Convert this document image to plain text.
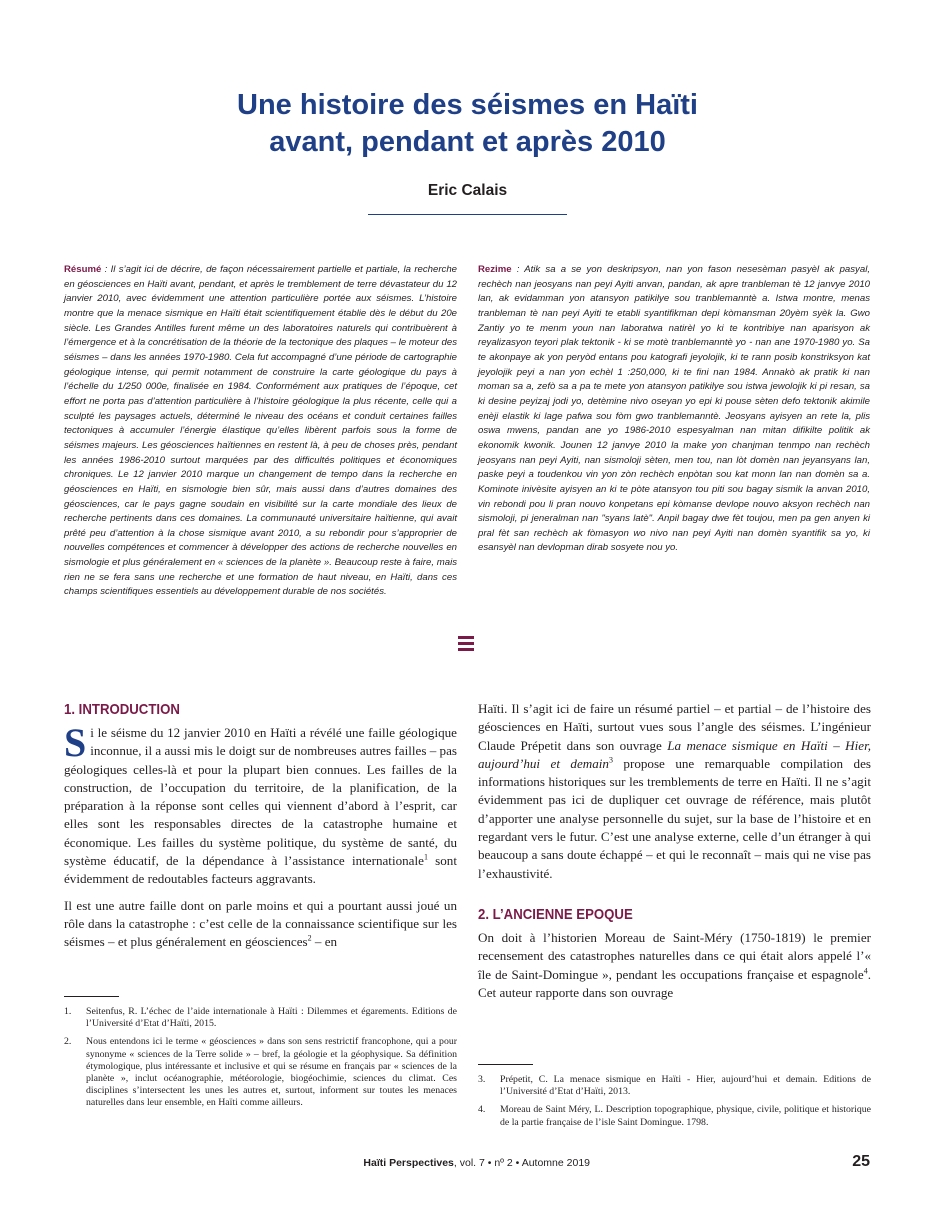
Une histoire des séismes en Haïti
avant, pendant et après 2010
Eric Calais

Résumé : Il s’agit ici de décrire, de façon nécessairement partielle et partiale, la recherche en géosciences en Haïti avant, pendant, et après le tremblement de terre dévastateur du 12 janvier 2010, avec évidemment une attention particulière portée aux séismes. L’histoire montre que la menace sismique en Haïti était scientifiquement établie dès le début du 20e siècle. Les Grandes Antilles furent même un des laboratoires naturels qui contribuèrent à l’émergence et à la concrétisation de la théorie de la tectonique des plaques – le moteur des séismes – dans les années 1970-1980. Cela fut accompagné d’une période de cartographie géologique intense, qui permit notamment de construire la carte géologique du pays à l’échelle du 1/250 000e, finalisée en 1984. Conformément aux pratiques de l’époque, cet effort ne porta pas d’attention particulière à l’histoire géologique la plus récente, celle qui a sculpté les paysages actuels, déterminé le niveau des océans et conduit certaines failles tectoniques à accumuler l’énergie élastique qu’elles libèrent parfois sous la forme de séismes majeurs. Les géosciences haïtiennes en restent là, à peu de choses près, pendant les années 1986-2010 surtout marquées par des difficultés politiques et économiques chroniques. Le 12 janvier 2010 marque un changement de tempo dans la recherche en géosciences en Haïti, en sismologie bien sûr, mais aussi dans d’autres domaines des géosciences, car le pays gagne soudain en visibilité sur la carte mondiale des lieux de recherche pertinents dans ces domaines. La communauté universitaire haïtienne, qui avait prêté peu d’attention à la chose sismique avant 2010, a su rebondir pour s’approprier de nouvelles compétences et commencer à développer des actions de recherche nouvelles en sismologie et plus généralement en « sciences de la planète ». Beaucoup reste à faire, mais rien ne se fera sans une recherche et une formation de haut niveau, en Haïti, dans ces champs scientifiques essentiels au développement durable de nos sociétés.

Rezime : Atik sa a se yon deskripsyon, nan yon fason nesesèman pasyèl ak pasyal, rechèch nan jeosyans nan peyi Ayiti anvan, pandan, ak apre tranbleman tè 12 janvye 2010 lan, ak evidamman yon atansyon patikilye sou tranblemanntè a. Istwa montre, menas tranbleman tè nan peyi Ayiti te etabli syantifikman depi kòmansman 20yèm syèk la. Gwo Zantiy yo te menm youn nan laboratwa natirèl yo ki te kontribiye nan aparisyon ak reyalizasyon teyori plak tektonik - ki se motè tranblemanntè yo - nan ane 1970-1980 yo. Sa te akonpaye ak yon peryòd entans pou katografi jeyolojik, ki te rann posib konstriksyon kat jeyolojik peyi a nan yon echèl 1 :250,000, ki te fini nan 1984. Annakò ak pratik ki nan moman sa a, zefò sa a pa te mete yon atansyon patikilye sou istwa jewolojik ki pi resan, sa ki desine peyizaj jodi yo, detèmine nivo oseyan yo epi ki pouse sèten defo tektonik akimile enèji elastik ki lage pafwa sou fòm gwo tranblemanntè. Jeosyans ayisyen an rete la, plis oswa mwens, pandan ane yo 1986-2010 espesyalman nan mitan difikilte politik ak ekonomik kwonik. Jounen 12 janvye 2010 la make yon chanjman tenmpo nan rechèch jeosyans nan peyi Ayiti, nan sismoloji sèten, men tou, nan lòt domèn nan jeyansyans lan, paske peyi a toudenkou vin yon zòn rechèch enpòtan sou kat monn lan nan domèn sa a. Kominote inivèsite ayisyen an ki te pòte atansyon tou piti sou bagay sismik la anvan 2010, vin rebondi pou li pran nouvo konpetans epi kòmanse devlope nouvo aksyon rechèch nan sismoloji, pi jeneralman nan "syans latè". Anpil bagay dwe fèt toujou, men pa gen anyen ki pral fèt san rechèch ak fòmasyon wo nivo nan peyi Ayiti nan domèn syantifik sa yo, ki esansyèl nan devlopman dirab sosyete nou yo.

1. INTRODUCTION

Si le séisme du 12 janvier 2010 en Haïti a révélé une faille géologique inconnue, il a aussi mis le doigt sur de nombreuses autres failles – pas géologiques celles-là et pour la plupart bien connues. Les failles de la construction, de l’occupation du territoire, de la planification, de la préparation à la réponse sont celles qui viennent d’abord à l’esprit, car elles sont les responsables directes de la catastrophe humaine et économique. Les failles du système politique, du système de santé, du système éducatif, de la dépendance à l’assistance internationale$^1$ sont évidemment de redoutables facteurs aggravants.

Il est une autre faille dont on parle moins et qui a pourtant aussi joué un rôle dans la catastrophe : c’est celle de la connaissance scientifique sur les séismes – et plus généralement en géosciences$^2$ – en

Haïti. Il s’agit ici de faire un résumé partiel – et partial – de l’histoire des géosciences en Haïti, surtout vues sous l’angle des séismes. L’ingénieur Claude Prépetit dans son ouvrage La menace sismique en Haïti – Hier, aujourd’hui et demain$^3$ propose une remarquable compilation des informations historiques sur les tremblements de terre en Haïti. Il ne s’agit évidemment pas ici de dupliquer cet ouvrage de référence, mais plutôt d’apporter une analyse personnelle du sujet, sur la base de l’histoire et en regardant vers le futur. C’est une analyse externe, celle d’un étranger à qui beaucoup a sans doute échappé – et qui le reconnaît – mais qui ne vise pas l’exhaustivité.

2. L’ANCIENNE EPOQUE

On doit à l’historien Moreau de Saint-Méry (1750-1819) le premier recensement des catastrophes naturelles dans ce qui était alors appelé l’« île de Saint-Domingue », pendant les occupations française et espagnole$^4$. Cet auteur rapporte dans son ouvrage

1.	Seitenfus, R. L’échec de l’aide internationale à Haïti : Dilemmes et égarements. Editions de l’Université d’Etat d’Haïti, 2015.
2.	Nous entendons ici le terme « géosciences » dans son sens restrictif francophone, qui a pour synonyme « sciences de la Terre solide » – bref, la géologie et la géophysique. Sa définition étymologique, plus intéressante et inclusive et qui se résume en français par « sciences de la planète », inclut océanographie, météorologie, biogéochimie, sciences du climat. Ces disciplines s’intersectent les unes les autres et, surtout, informent sur toutes les menaces naturelles dans leur ensemble, en Haïti comme ailleurs.
3.	Prépetit, C. La menace sismique en Haïti - Hier, aujourd’hui et demain. Editions de l’Université d’Etat d’Haïti, 2013.
4.	Moreau de Saint Méry, L. Description topographique, physique, civile, politique et historique de la partie française de l’isle Saint Domingue. 1798.
Haïti Perspectives, vol. 7 • nº 2 • Automne 2019	25
